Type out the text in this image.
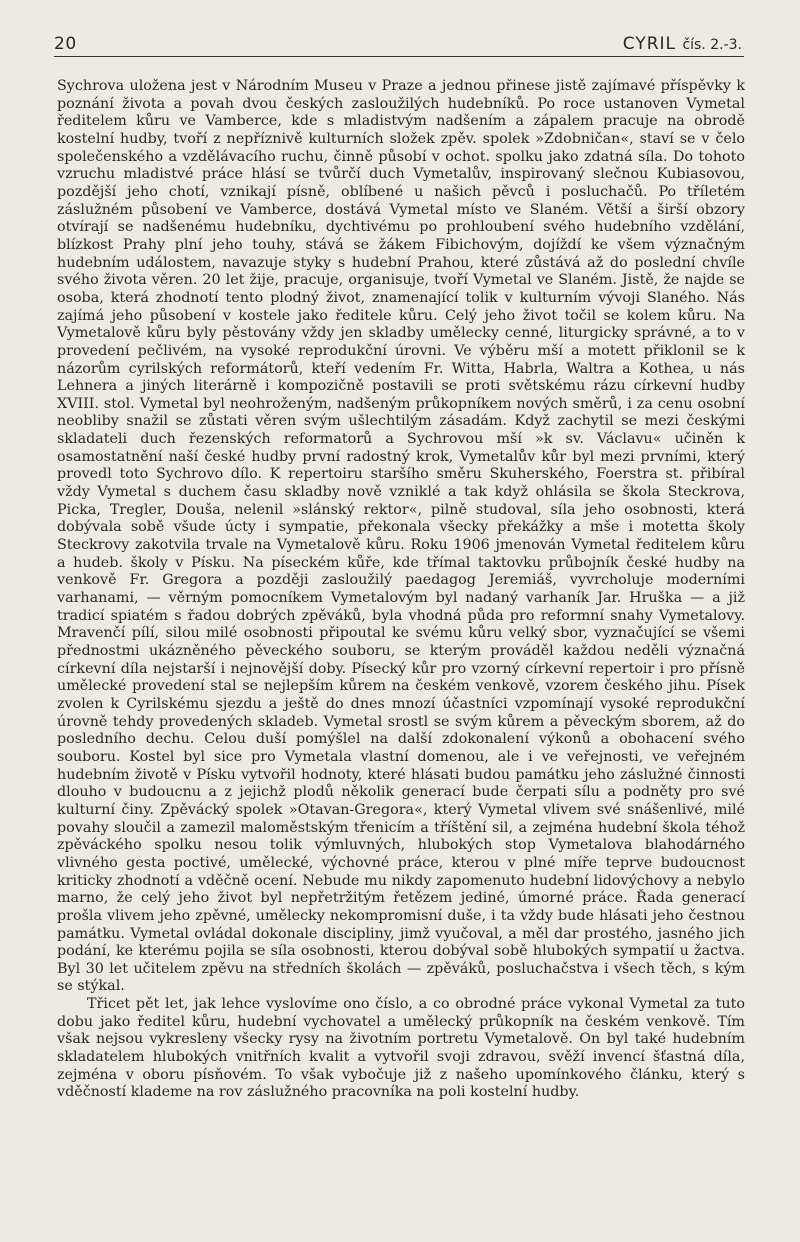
20	CYRIL čís. 2.-3.

Sychrova uložena jest v Národním Museu v Praze a jednou přinese jistě zajímavé příspěvky k poznání života a povah dvou českých zasloužilých hudebníků. Po roce ustanoven Vymetal ředitelem kůru ve Vamberce, kde s mladistvým nadšením a zápalem pracuje na obrodě kostelní hudby, tvoří z nepříznivě kulturních složek zpěv. spolek »Zdobničan«, staví se v čelo společenského a vzdělávacího ruchu, činně působí v ochot. spolku jako zdatná síla. Do tohoto vzruchu mladistvé práce hlásí se tvůrčí duch Vymetalův, inspirovaný slečnou Kubiasovou, pozdější jeho chotí, vznikají písně, oblíbené u našich pěvců i posluchačů. Po tříletém záslužném působení ve Vamberce, dostává Vymetal místo ve Slaném. Větší a širší obzory otvírají se nadšenému hudebníku, dychtivému po prohloubení svého hudebního vzdělání, blízkost Prahy plní jeho touhy, stává se žákem Fibichovým, dojíždí ke všem význačným hudebním událostem, navazuje styky s hudební Prahou, které zůstává až do poslední chvíle svého života věren. 20 let žije, pracuje, organisuje, tvoří Vymetal ve Slaném. Jistě, že najde se osoba, která zhodnotí tento plodný život, znamenající tolik v kulturním vývoji Slaného. Nás zajímá jeho působení v kostele jako ředitele kůru. Celý jeho život točil se kolem kůru. Na Vymetalově kůru byly pěstovány vždy jen skladby umělecky cenné, liturgicky správné, a to v provedení pečlivém, na vysoké reprodukční úrovni. Ve výběru mší a motett přiklonil se k názorům cyrilských reformátorů, kteří vedením Fr. Witta, Habrla, Waltra a Kothea, u nás Lehnera a jiných literárně i kompozičně postavili se proti světskému rázu církevní hudby XVIII. stol. Vymetal byl neohroženým, nadšeným průkopníkem nových směrů, i za cenu osobní neobliby snažil se zůstati věren svým ušlechtilým zásadám. Když zachytil se mezi českými skladateli duch řezenských reformatorů a Sychrovou mší »k sv. Václavu« učiněn k osamostatnění naší české hudby první radostný krok, Vymetalův kůr byl mezi prvními, který provedl toto Sychrovo dílo. K repertoiru staršího směru Skuherského, Foerstra st. přibíral vždy Vymetal s duchem času skladby nově vzniklé a tak když ohlásila se škola Steckrova, Picka, Tregler, Douša, nelenil »slánský rektor«, pilně studoval, síla jeho osobnosti, která dobývala sobě všude úcty i sympatie, překonala všecky překážky a mše i motetta školy Steckrovy zakotvila trvale na Vymetalově kůru. Roku 1906 jmenován Vymetal ředitelem kůru a hudeb. školy v Písku. Na píseckém kůře, kde třímal taktovku průbojník české hudby na venkově Fr. Gregora a později zasloužilý paedagog Jeremiáš, vyvrcholuje moderními varhanami, — věrným pomocníkem Vymetalovým byl nadaný varhaník Jar. Hruška — a již tradicí spiatém s řadou dobrých zpěváků, byla vhodná půda pro reformní snahy Vymetalovy. Mravenčí pílí, silou milé osobnosti připoutal ke svému kůru velký sbor, vyznačující se všemi přednostmi ukázněného pěveckého souboru, se kterým prováděl každou neděli význačná církevní díla nejstarší i nejnovější doby. Písecký kůr pro vzorný církevní repertoir i pro přísně umělecké provedení stal se nejlepším kůrem na českém venkově, vzorem českého jihu. Písek zvolen k Cyrilskému sjezdu a ještě do dnes mnozí účastníci vzpomínají vysoké reprodukční úrovně tehdy provedených skladeb. Vymetal srostl se svým kůrem a pěveckým sborem, až do posledního dechu. Celou duší pomýšlel na další zdokonalení výkonů a obohacení svého souboru. Kostel byl sice pro Vymetala vlastní domenou, ale i ve veřejnosti, ve veřejném hudebním životě v Písku vytvořil hodnoty, které hlásati budou památku jeho záslužné činnosti dlouho v budoucnu a z jejichž plodů několik generací bude čerpati sílu a podněty pro své kulturní činy. Zpěvácký spolek »Otavan-Gregora«, který Vymetal vlivem své snášenlivé, milé povahy sloučil a zamezil maloměstským třenicím a tříštění sil, a zejména hudební škola téhož zpěváckého spolku nesou tolik výmluvných, hlubokých stop Vymetalova blahodárného vlivného gesta poctivé, umělecké, výchovné práce, kterou v plné míře teprve budoucnost kriticky zhodnotí a vděčně ocení. Nebude mu nikdy zapomenuto hudební lidovýchovy a nebylo marno, že celý jeho život byl nepřetržitým řetězem jediné, úmorné práce. Řada generací prošla vlivem jeho zpěvné, umělecky nekompromisní duše, i ta vždy bude hlásati jeho čestnou památku. Vymetal ovládal dokonale discipliny, jimž vyučoval, a měl dar prostého, jasného jich podání, ke kterému pojila se síla osobnosti, kterou dobýval sobě hlubokých sympatií u žactva. Byl 30 let učitelem zpěvu na středních školách — zpěváků, posluchačstva i všech těch, s kým se stýkal.

Třicet pět let, jak lehce vyslovíme ono číslo, a co obrodné práce vykonal Vymetal za tuto dobu jako ředitel kůru, hudební vychovatel a umělecký průkopník na českém venkově. Tím však nejsou vykresleny všecky rysy na životním portretu Vymetalově. On byl také hudebním skladatelem hlubokých vnitřních kvalit a vytvořil svoji zdravou, svěží invencí šťastná díla, zejména v oboru písňovém. To však vybočuje již z našeho upomínkového článku, který s vděčností klademe na rov záslužného pracovníka na poli kostelní hudby.
